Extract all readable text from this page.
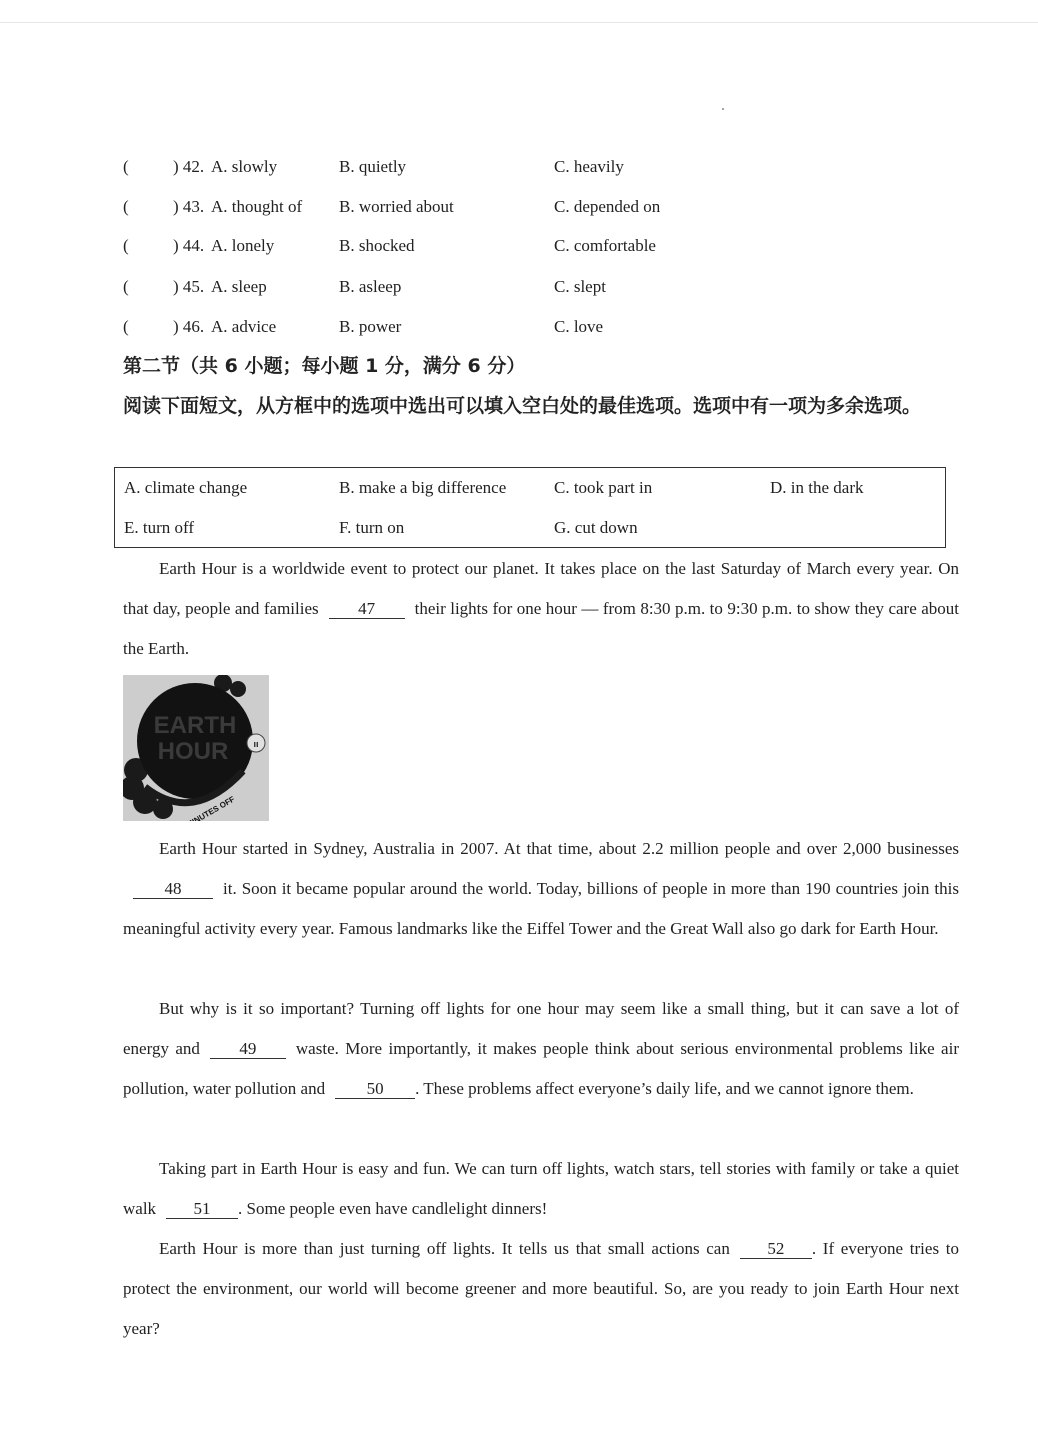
(	) 42. A. slowly	B. quietly	C. heavily
(	) 43. A. thought of B. worried about	C. depended on
(	) 44. A. lonely	B. shocked	C. comfortable
(	) 45. A. sleep	B. asleep	C. slept
(	) 46. A. advice	B. power	C. love
第二节（共 6 小题；每小题 1 分，满分 6 分）
阅读下面短文，从方框中的选项中选出可以填入空白处的最佳选项。选项中有一项为多余选项。
A. climate change	B. make a big difference	C. took part in	D. in the dark
E. turn off	F. turn on	G. cut down

Earth Hour is a worldwide event to protect our planet. It takes place on the last Saturday of March every year. On that day, people and families 47 their lights for one hour — from 8:30 p.m. to 9:30 p.m. to show they care about the Earth.

EARTH
HOUR	ıı

Earth Hour started in Sydney, Australia in 2007. At that time, about 2.2 million people and over 2,000 businesses48 it. Soon it became popular around the world. Today, billions of people in more than 190 countries join this meaningful activity every year. Famous landmarks like the Eiffel Tower and the Great Wall also go dark for Earth Hour.

But why is it so important? Turning off lights for one hour may seem like a small thing, but it can save a lot of energy and 49 waste. More importantly, it makes people think about serious environmental problems like air pollution, water pollution and 50 . These problems affect everyone’s daily life, and we cannot ignore them.

Taking part in Earth Hour is easy and fun. We can turn off lights, watch stars, tell stories with family or take a quiet walk 51 . Some people even have candlelight dinners!

Earth Hour is more than just turning off lights. It tells us that small actions can 52 . If everyone tries to protect the environment, our world will become greener and more beautiful. So, are you ready to join Earth Hour next year?
